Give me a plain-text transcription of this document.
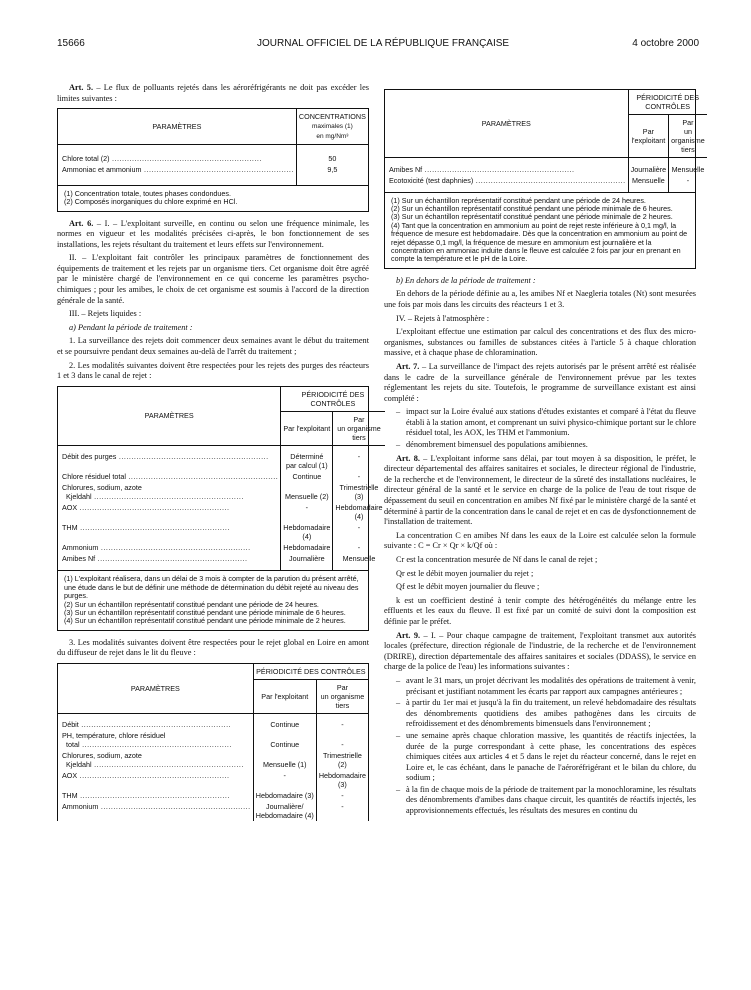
15666	JOURNAL OFFICIEL DE LA RÉPUBLIQUE FRANÇAISE	4 octobre 2000

Art. 5. – Le flux de polluants rejetés dans les aéroréfrigérants ne doit pas excéder les limites suivantes :

PARAMÈTRES	CONCENTRATIONS
maximales (1)
en mg/Nm³

Chlore total (2) .....	50
Ammoniac et ammonium .....	9,5

(1) Concentration totale, toutes phases condondues.
(2) Composés inorganiques du chlore exprimé en HCl.

Art. 6. – I. – L'exploitant surveille, en continu ou selon une fréquence minimale, les normes en vigueur et les modalités précisées ci-après, le bon fonctionnement de ses installations, les rejets résultant du traitement et leurs effets sur l'environnement.

II. – L'exploitant fait contrôler les principaux paramètres de fonctionnement des équipements de traitement et les rejets par un organisme tiers. Cet organisme doit être agréé par le ministère chargé de l'environnement en ce qui concerne les paramètres psycho-chimiques ; pour les amibes, le choix de cet organisme est soumis à l'accord de la direction générale de la santé.

III. – Rejets liquides :

a) Pendant la période de traitement :

1. La surveillance des rejets doit commencer deux semaines avant le début du traitement et se poursuivre pendant deux semaines au-delà de l'arrêt du traitement ;

2. Les modalités suivantes doivent être respectées pour les rejets des purges des réacteurs 1 et 3 dans le canal de rejet :

PARAMÈTRES	PÉRIODICITÉ DES CONTRÔLES	
	Par l'exploitant	Par
un organisme tiers

Débit des purges .....	Déterminé
par calcul (1)	-
Chlore résiduel total .....	Continue	-
Chlorures, sodium, azote
Kjeldahl .....	Mensuelle (2)	Trimestrielle (3)
AOX .....	-	Hebdomadaire (4)
THM .....	Hebdomadaire (4)	-
Ammonium .....	Hebdomadaire	-
Amibes Nf .....	Journalière	Mensuelle

(1) L'exploitant réalisera, dans un délai de 3 mois à compter de la parution du présent arrêté, une étude dans le but de définir une méthode de détermination du débit rejeté au niveau des purges.
(2) Sur un échantillon représentatif constitué pendant une période de 24 heures.
(3) Sur un échantillon représentatif constitué pendant une période minimale de 6 heures.
(4) Sur un échantillon représentatif constitué pendant une période minimale de 2 heures.

3. Les modalités suivantes doivent être respectées pour le rejet global en Loire en amont du diffuseur de rejet dans le lit du fleuve :

PARAMÈTRES	PÉRIODICITÉ DES CONTRÔLES	
	Par l'exploitant	Par
un organisme tiers

Débit .....	Continue	-
PH, température, chlore résiduel
total .....	Continue	-
Chlorures, sodium, azote
Kjeldahl .....	Mensuelle (1)	Trimestrielle (2)
AOX .....	-	Hebdomadaire (3)
THM .....	Hebdomadaire (3)	-
Ammonium .....	Journalière/
Hebdomadaire (4)	-
PARAMÈTRES	PÉRIODICITÉ DES CONTRÔLES	
	Par l'exploitant	Par
un organisme tiers

Amibes Nf .....	Journalière	Mensuelle
Ecotoxicité (test daphnies) .....	Mensuelle	-

(1) Sur un échantillon représentatif constitué pendant une période de 24 heures.
(2) Sur un échantillon représentatif constitué pendant une période minimale de 6 heures.
(3) Sur un échantillon représentatif constitué pendant une période minimale de 2 heures.
(4) Tant que la concentration en ammonium au point de rejet reste inférieure à 0,1 mg/l, la fréquence de mesure est hebdomadaire. Dès que la concentration en ammonium au point de rejet dépasse 0,1 mg/l, la fréquence de mesure en ammonium est journalière et la concentration en ammoniac induite dans le fleuve est calculée 2 fois par jour en prenant en compte la température et le pH de la Loire.

b) En dehors de la période de traitement :

En dehors de la période définie au a, les amibes Nf et Naegleria totales (Nt) sont mesurées une fois par mois dans les circuits des réacteurs 1 et 3.

IV. – Rejets à l'atmosphère :

L'exploitant effectue une estimation par calcul des concentrations et des flux des micro-organismes, substances ou familles de substances citées à l'article 5 à chaque chloration massive, et à chaque phase de chloramination.

Art. 7. – La surveillance de l'impact des rejets autorisés par le présent arrêté est réalisée dans le cadre de la surveillance générale de l'environnement prévue par les textes réglementant les rejets du site. Toutefois, le programme de surveillance existant est ainsi complété :

– impact sur la Loire évalué aux stations d'études existantes et comparé à l'état du fleuve établi à la station amont, et comprenant un suivi physico-chimique portant sur le chlore résiduel total, les AOX, les THM et l'ammonium.
– dénombrement bimensuel des populations amibiennes.

Art. 8. – L'exploitant informe sans délai, par tout moyen à sa disposition, le préfet, le directeur départemental des affaires sanitaires et sociales, le directeur régional de l'industrie, de la recherche et de l'environnement, le directeur de la sûreté des installations nucléaires, le directeur général de la santé et le service en charge de la police de l'eau de tout risque de dépassement du seuil en concentration en amibes Nf fixé par le ministère chargé de la santé et déterminé à partir de la concentration dans le canal de rejet et en cas de dysfonctionnement de l'installation de traitement.

La concentration C en amibes Nf dans les eaux de la Loire est calculée selon la formule suivante : C = Cr × Qr × k/Qf où :

Cr est la concentration mesurée de Nf dans le canal de rejet ;

Qr est le débit moyen journalier du rejet ;

Qf est le débit moyen journalier du fleuve ;

k est un coefficient destiné à tenir compte des hétérogénéités du mélange entre les effluents et les eaux du fleuve. Il est fixé par un comité de suivi dont la composition est définie par le préfet.

Art. 9. – I. – Pour chaque campagne de traitement, l'exploitant transmet aux autorités locales (préfecture, direction régionale de l'industrie, de la recherche et de l'environnement (DRIRE), direction départementale des affaires sanitaires et sociales (DDASS), le service en charge de la police de l'eau) les informations suivantes :

– avant le 31 mars, un projet décrivant les modalités des opérations de traitement à venir, précisant et justifiant notamment les écarts par rapport aux campagnes antérieures ;
– à partir du 1er mai et jusqu'à la fin du traitement, un relevé hebdomadaire des résultats des dénombrements quotidiens des amibes pathogènes dans les circuits de refroidissement et des dénombrements bimensuels dans l'environnement ;
– une semaine après chaque chloration massive, les quantités de réactifs injectées, la durée de la purge correspondant à cette phase, les concentrations des espèces chimiques citées aux articles 4 et 5 dans le rejet du réacteur concerné, dans le rejet en Loire et, le cas échéant, dans le panache de l'aéroréfrigérant et le bilan du chlore, du sodium ;
– à la fin de chaque mois de la période de traitement par la monochloramine, les résultats des dénombrements d'amibes dans chaque circuit, les quantités de réactifs injectés, les approvisionnements effectués, les résultats des mesures en continu du
